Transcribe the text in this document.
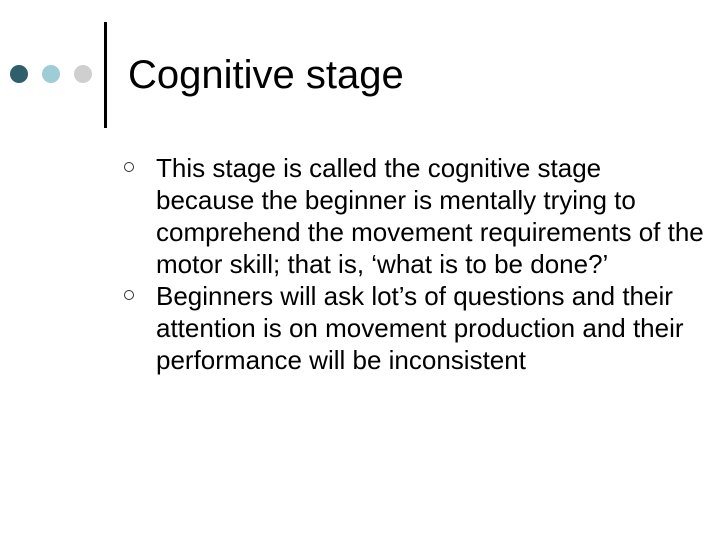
Cognitive stage
This stage is called the cognitive stage because the beginner is mentally trying to comprehend the movement requirements of the motor skill; that is, ‘what is to be done?’
Beginners will ask lot’s of questions and their attention is on movement production and their performance will be inconsistent
